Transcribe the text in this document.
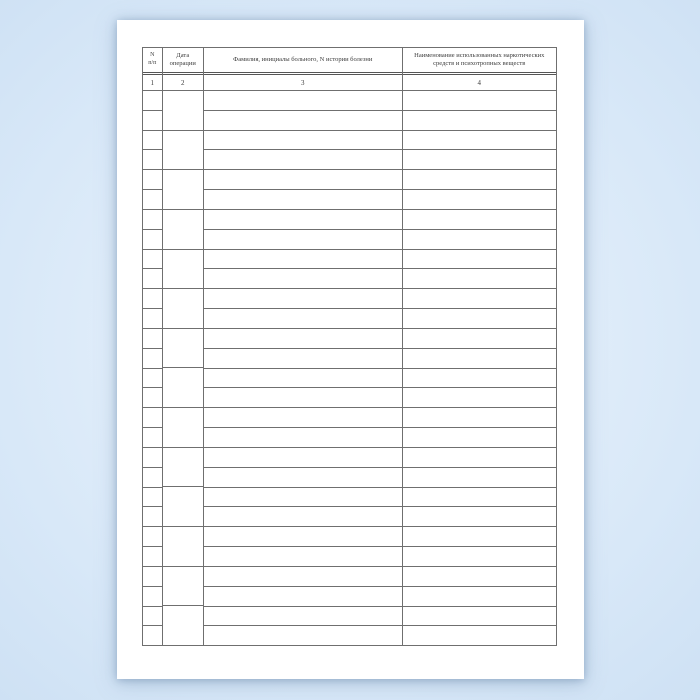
N
п/п
1
Дата
операции
2
Фамилия, инициалы больного, N истории болезни
3
Наименование использованных наркотических
средств и психотропных веществ
4
